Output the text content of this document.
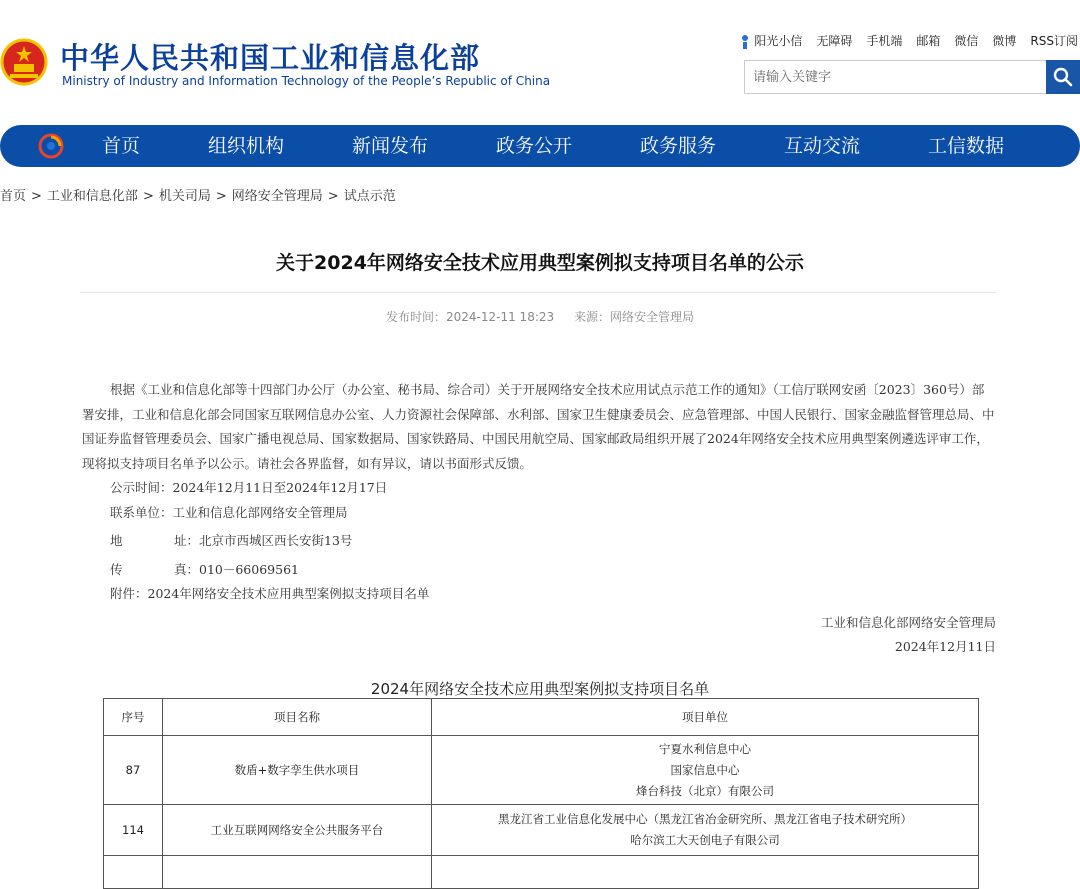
中华人民共和国工业和信息化部
Ministry of Industry and Information Technology of the People’s Republic of China
阳光小信 无障碍 手机端 邮箱 微信 微博 RSS订阅
请输入关键字
首页	组织机构	新闻发布	政务公开	政务服务	互动交流	工信数据
首页 > 工业和信息化部 > 机关司局 > 网络安全管理局 > 试点示范
关于2024年网络安全技术应用典型案例拟支持项目名单的公示
发布时间：2024-12-11 18:23 来源：网络安全管理局

根据《工业和信息化部等十四部门办公厅（办公室、秘书局、综合司）关于开展网络安全技术应用试点示范工作的通知》（工信厅联网安函〔2023〕360号）部署安排，工业和信息化部会同国家互联网信息办公室、人力资源社会保障部、水利部、国家卫生健康委员会、应急管理部、中国人民银行、国家金融监督管理总局、中国证券监督管理委员会、国家广播电视总局、国家数据局、国家铁路局、中国民用航空局、国家邮政局组织开展了2024年网络安全技术应用典型案例遴选评审工作，现将拟支持项目名单予以公示。请社会各界监督，如有异议，请以书面形式反馈。

公示时间：2024年12月11日至2024年12月17日

联系单位：工业和信息化部网络安全管理局

地	址：北京市西城区西长安街13号

传	真：010－66069561

附件：2024年网络安全技术应用典型案例拟支持项目名单

工业和信息化部网络安全管理局

2024年12月11日

2024年网络安全技术应用典型案例拟支持项目名单
序号	项目名称	项目单位
87	数盾+数字孪生供水项目	宁夏水利信息中心
国家信息中心
烽台科技（北京）有限公司

114	工业互联网网络安全公共服务平台	黑龙江省工业信息化发展中心（黑龙江省冶金研究所、黑龙江省电子技术研究所）
哈尔滨工大天创电子有限公司
